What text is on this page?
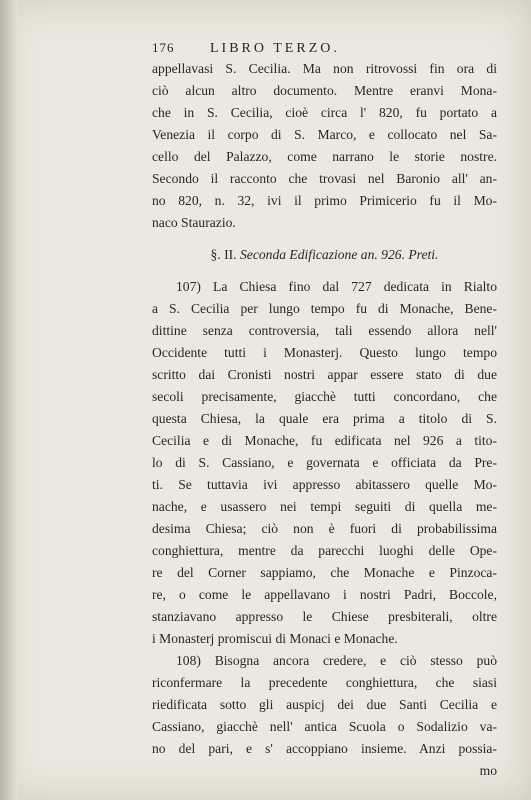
176	LIBRO TERZO.
appellavasi S. Cecilia. Ma non ritrovossi fin ora di
ciò alcun altro documento. Mentre eranvi Mona-
che in S. Cecilia, cioè circa l' 820, fu portato a
Venezia il corpo di S. Marco, e collocato nel Sa-
cello del Palazzo, come narrano le storie nostre.
Secondo il racconto che trovasi nel Baronio all' an-
no 820, n. 32, ivi il primo Primicerio fu il Mo-
naco Staurazio.
§. II. Seconda Edificazione an. 926. Preti.
107) La Chiesa fino dal 727 dedicata in Rialto
a S. Cecilia per lungo tempo fu di Monache, Bene-
dittine senza controversia, tali essendo allora nell'
Occidente tutti i Monasterj. Questo lungo tempo
scritto dai Cronisti nostri appar essere stato di due
secoli precisamente, giacchè tutti concordano, che
questa Chiesa, la quale era prima a titolo di S.
Cecilia e di Monache, fu edificata nel 926 a tito-
lo di S. Cassiano, e governata e officiata da Pre-
ti. Se tuttavia ivi appresso abitassero quelle Mo-
nache, e usassero nei tempi seguiti di quella me-
desima Chiesa; ciò non è fuori di probabilissima
conghiettura, mentre da parecchi luoghi delle Ope-
re del Corner sappiamo, che Monache e Pinzoca-
re, o come le appellavano i nostri Padri, Boccole,
stanziavano appresso le Chiese presbiterali, oltre
i Monasterj promiscui di Monaci e Monache.
108) Bisogna ancora credere, e ciò stesso può
riconfermare la precedente conghiettura, che siasi
riedificata sotto gli auspicj dei due Santi Cecilia e
Cassiano, giacchè nell' antica Scuola o Sodalizio va-
no del pari, e s' accoppiano insieme. Anzi possia-
mo
